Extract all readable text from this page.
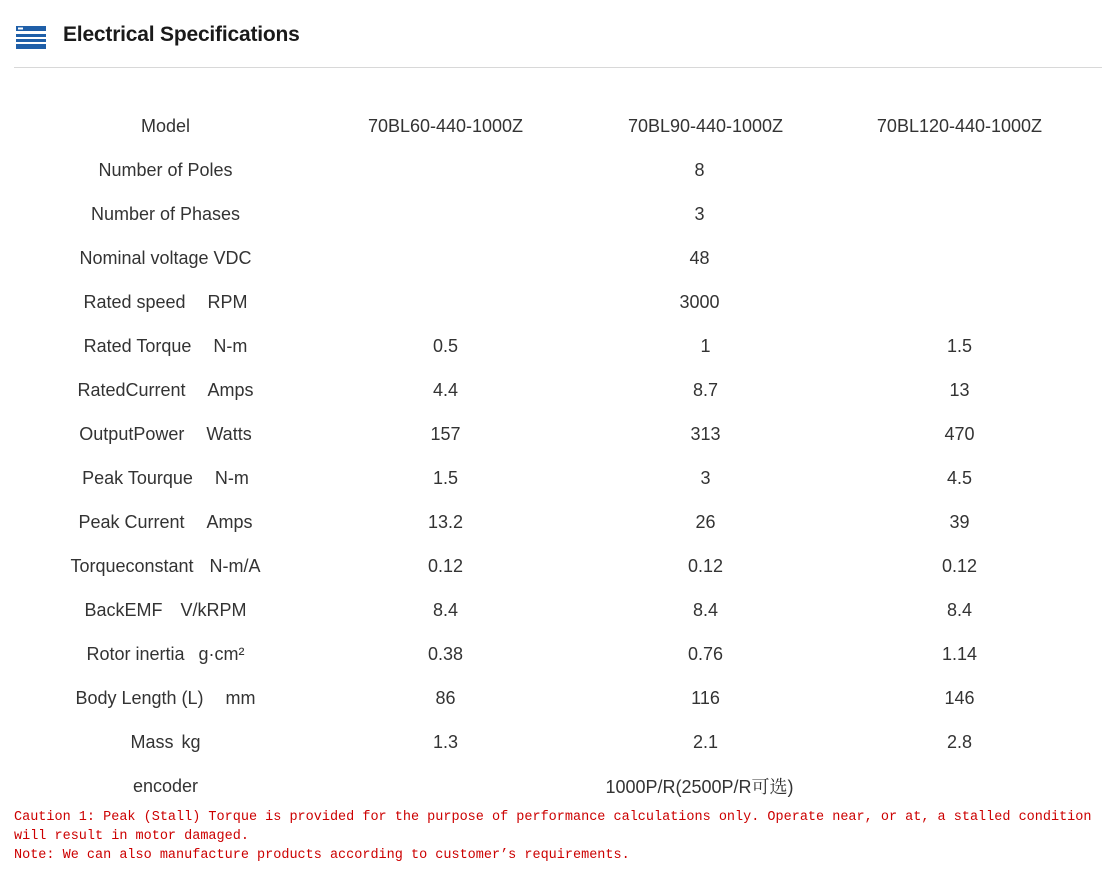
Electrical Specifications
Model	70BL60-440-1000Z	70BL90-440-1000Z	70BL120-440-1000Z
Number of Poles	8		
Number of Phases	3		
Nominal voltage VDC	48		
Rated speed RPM	3000		
Rated Torque N-m	0.5	1	1.5
RatedCurrent Amps	4.4	8.7	13
OutputPower Watts	157	313	470
Peak Tourque N-m	1.5	3	4.5
Peak Current Amps	13.2	26	39
Torqueconstant N-m/A	0.12	0.12	0.12
BackEMF V/kRPM	8.4	8.4	8.4
Rotor inertia g·cm²	0.38	0.76	1.14
Body Length (L) mm	86	116	146
Mass kg	1.3	2.1	2.8
encoder	1000P/R(2500P/R可选)		

Caution 1: Peak (Stall) Torque is provided for the purpose of performance calculations only. Operate near, or at, a stalled condition will result in motor damaged.

Note: We can also manufacture products according to customer’s requirements.
